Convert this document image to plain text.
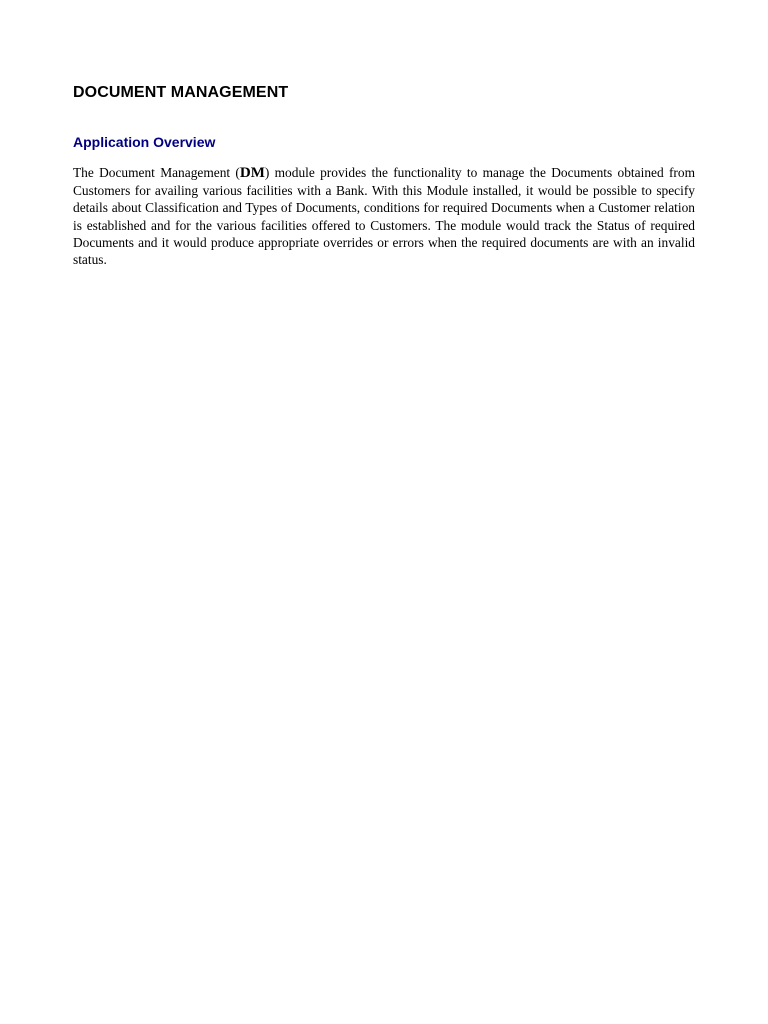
DOCUMENT MANAGEMENT
Application Overview

The Document Management (DM) module provides the functionality to manage the Documents obtained from Customers for availing various facilities with a Bank. With this Module installed, it would be possible to specify details about Classification and Types of Documents, conditions for required Documents when a Customer relation is established and for the various facilities offered to Customers. The module would track the Status of required Documents and it would produce appropriate overrides or errors when the required documents are with an invalid status.
